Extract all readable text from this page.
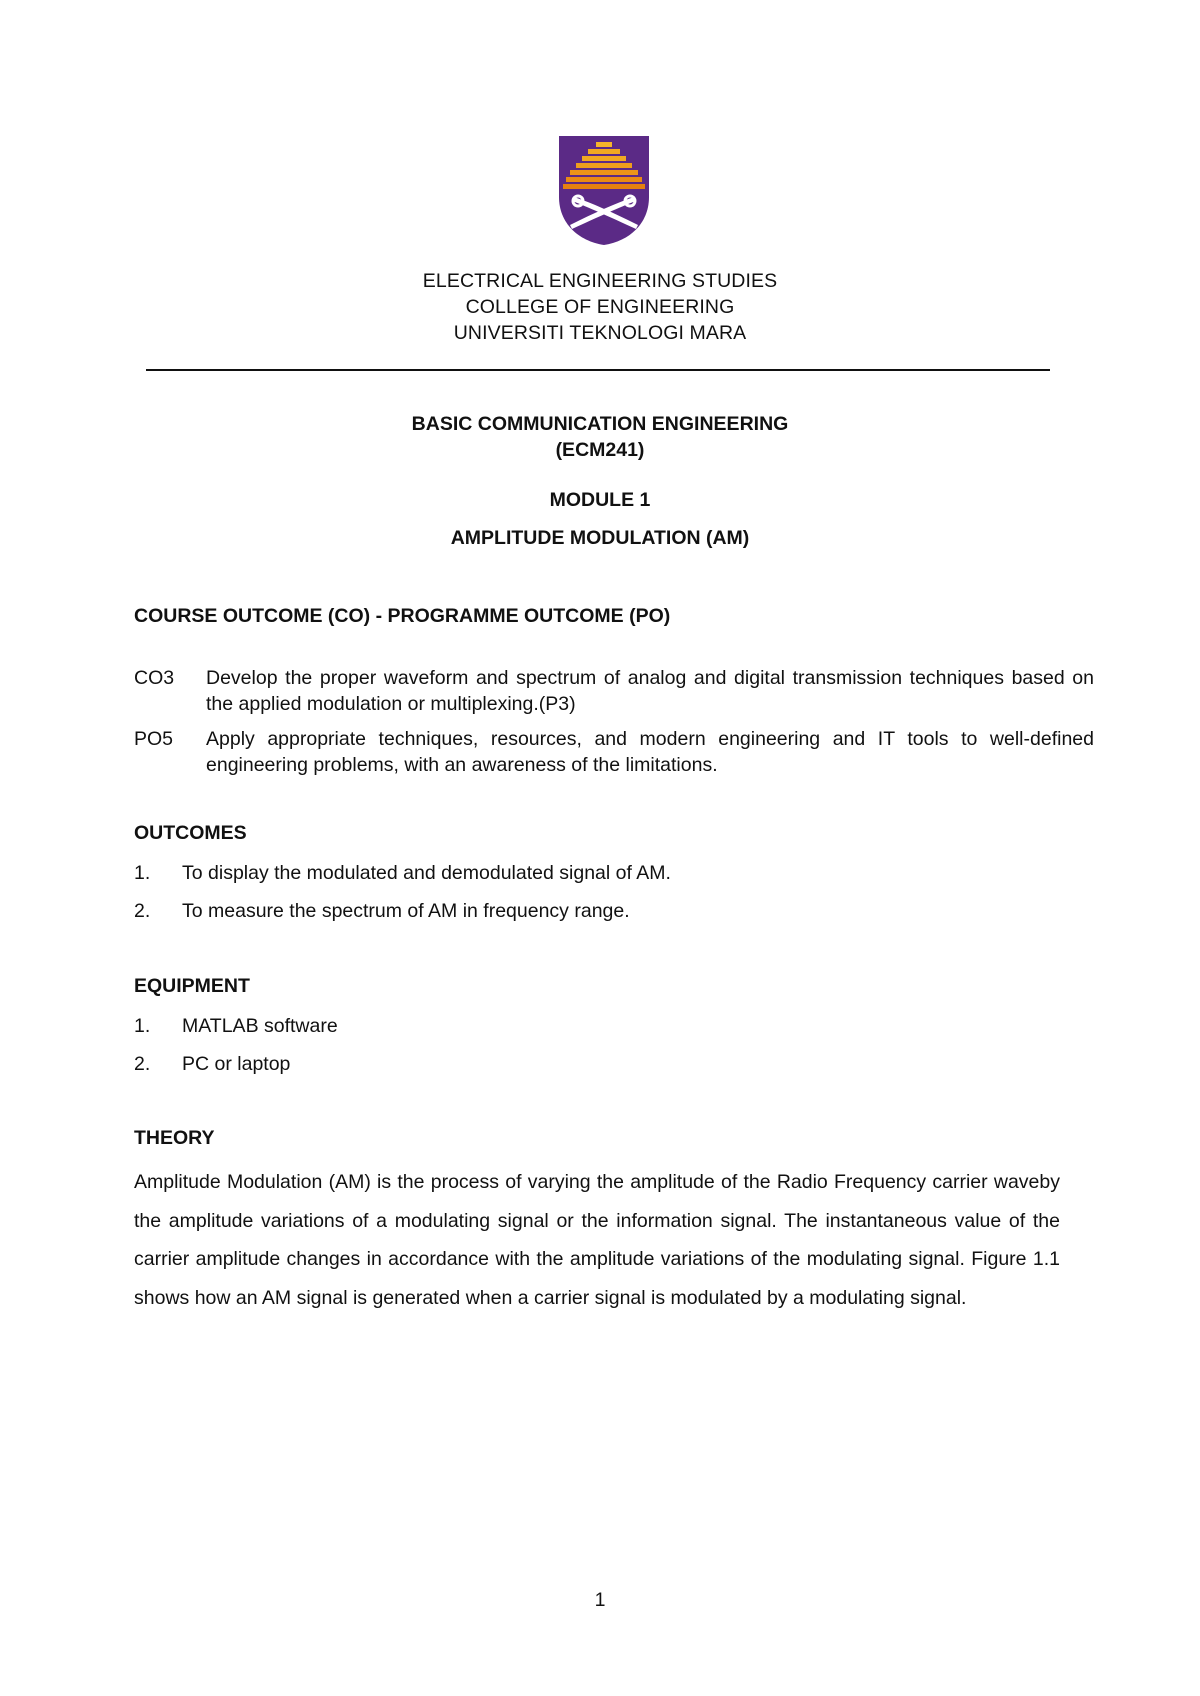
ELECTRICAL ENGINEERING STUDIES
COLLEGE OF ENGINEERING
UNIVERSITI TEKNOLOGI MARA
BASIC COMMUNICATION ENGINEERING
(ECM241)
MODULE 1
AMPLITUDE MODULATION (AM)
COURSE OUTCOME (CO) - PROGRAMME OUTCOME (PO)
CO3 Develop the proper waveform and spectrum of analog and digital transmission techniques based on the applied modulation or multiplexing.(P3)
PO5 Apply appropriate techniques, resources, and modern engineering and IT tools to well-defined engineering problems, with an awareness of the limitations.
OUTCOMES
1. To display the modulated and demodulated signal of AM.
2. To measure the spectrum of AM in frequency range.
EQUIPMENT
1. MATLAB software
2. PC or laptop
THEORY
Amplitude Modulation (AM) is the process of varying the amplitude of the Radio Frequency carrier waveby the amplitude variations of a modulating signal or the information signal. The instantaneous value of the carrier amplitude changes in accordance with the amplitude variations of the modulating signal. Figure 1.1 shows how an AM signal is generated when a carrier signal is modulated by a modulating signal.
1
